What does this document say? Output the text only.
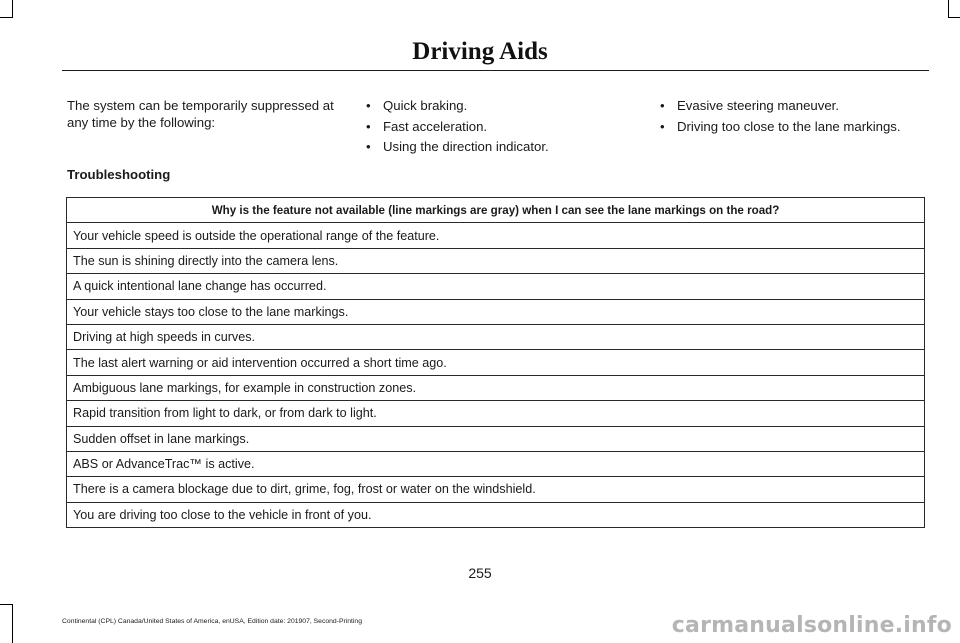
Driving Aids
The system can be temporarily suppressed at any time by the following:
• Quick braking.
• Fast acceleration.
• Using the direction indicator.
• Evasive steering maneuver.
• Driving too close to the lane markings.
Troubleshooting
Why is the feature not available (line markings are gray) when I can see the lane markings on the road?
Your vehicle speed is outside the operational range of the feature.
The sun is shining directly into the camera lens.
A quick intentional lane change has occurred.
Your vehicle stays too close to the lane markings.
Driving at high speeds in curves.
The last alert warning or aid intervention occurred a short time ago.
Ambiguous lane markings, for example in construction zones.
Rapid transition from light to dark, or from dark to light.
Sudden offset in lane markings.
ABS or AdvanceTrac™ is active.
There is a camera blockage due to dirt, grime, fog, frost or water on the windshield.
You are driving too close to the vehicle in front of you.
255
Continental (CPL) Canada/United States of America, enUSA, Edition date: 201907, Second-Printing	carmanualsonline.info
